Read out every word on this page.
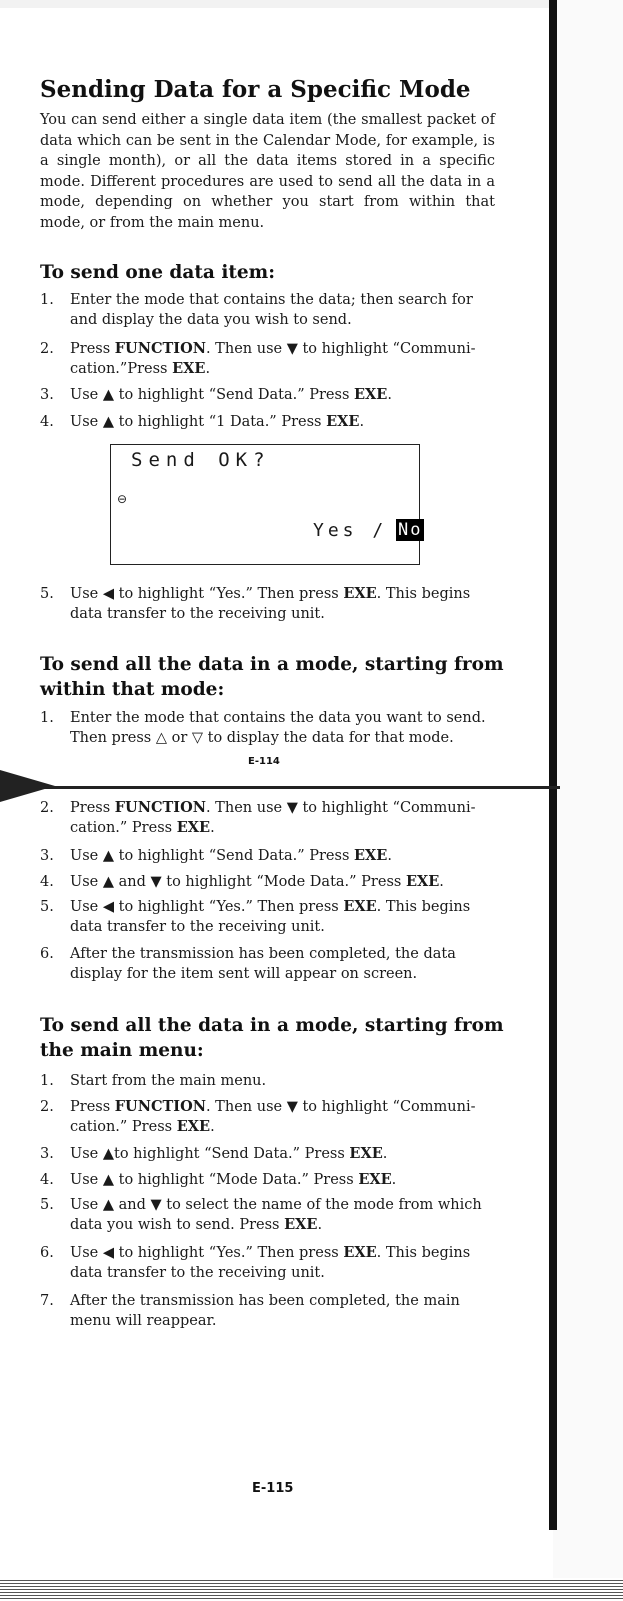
Sending Data for a Specific Mode
You can send either a single data item (the smallest packet of data which can be sent in the Calendar Mode, for example, is a single month), or all the data items stored in a specific mode. Different procedures are used to send all the data in a mode, depending on whether you start from within that mode, or from the main menu.
To send one data item:
1.	Enter the mode that contains the data; then search for and display the data you wish to send.
2.	Press FUNCTION. Then use ▼ to highlight “Communi-cation.”Press EXE.
3.	Use ▲ to highlight “Send Data.” Press EXE.
4.	Use ▲ to highlight “1 Data.” Press EXE.
Send OK?
⊖
Yes / No
5.	Use ◀ to highlight “Yes.” Then press EXE. This begins data transfer to the receiving unit.
To send all the data in a mode, starting from within that mode:
1.	Enter the mode that contains the data you want to send. Then press △ or ▽ to display the data for that mode.
E-114
2.	Press FUNCTION. Then use ▼ to highlight “Communi-cation.” Press EXE.
3.	Use ▲ to highlight “Send Data.” Press EXE.
4.	Use ▲ and ▼ to highlight “Mode Data.” Press EXE.
5.	Use ◀ to highlight “Yes.” Then press EXE. This begins data transfer to the receiving unit.
6.	After the transmission has been completed, the data display for the item sent will appear on screen.
To send all the data in a mode, starting from the main menu:
1.	Start from the main menu.
2.	Press FUNCTION. Then use ▼ to highlight “Communi-cation.” Press EXE.
3.	Use ▲to highlight “Send Data.” Press EXE.
4.	Use ▲ to highlight “Mode Data.” Press EXE.
5.	Use ▲ and ▼ to select the name of the mode from which data you wish to send. Press EXE.
6.	Use ◀ to highlight “Yes.” Then press EXE. This begins data transfer to the receiving unit.
7.	After the transmission has been completed, the main menu will reappear.
E-115
